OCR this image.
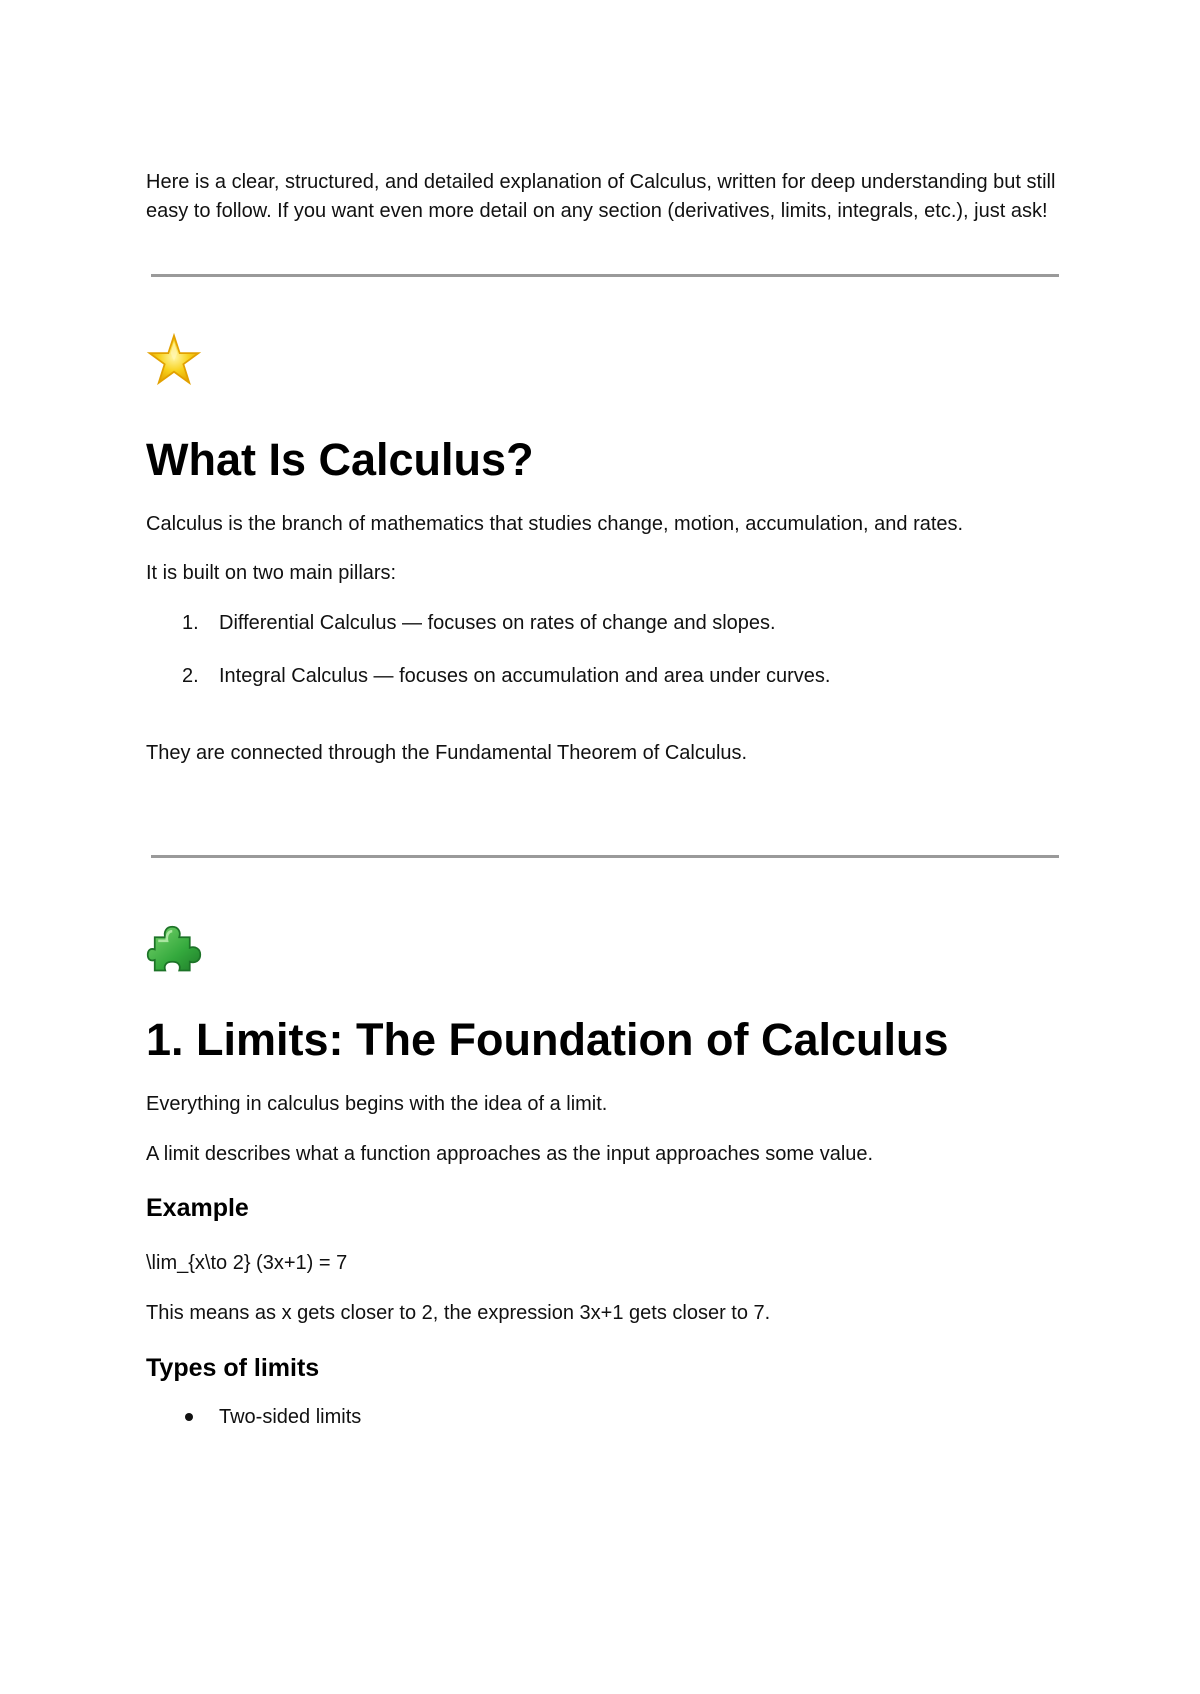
Here is a clear, structured, and detailed explanation of Calculus, written for deep understanding but still easy to follow. If you want even more detail on any section (derivatives, limits, integrals, etc.), just ask!
What Is Calculus?
Calculus is the branch of mathematics that studies change, motion, accumulation, and rates.
It is built on two main pillars:
1. Differential Calculus — focuses on rates of change and slopes.
2. Integral Calculus — focuses on accumulation and area under curves.
They are connected through the Fundamental Theorem of Calculus.
1. Limits: The Foundation of Calculus
Everything in calculus begins with the idea of a limit.
A limit describes what a function approaches as the input approaches some value.
Example
\lim_{x\to 2} (3x+1) = 7
This means as x gets closer to 2, the expression 3x+1 gets closer to 7.
Types of limits
Two-sided limits
